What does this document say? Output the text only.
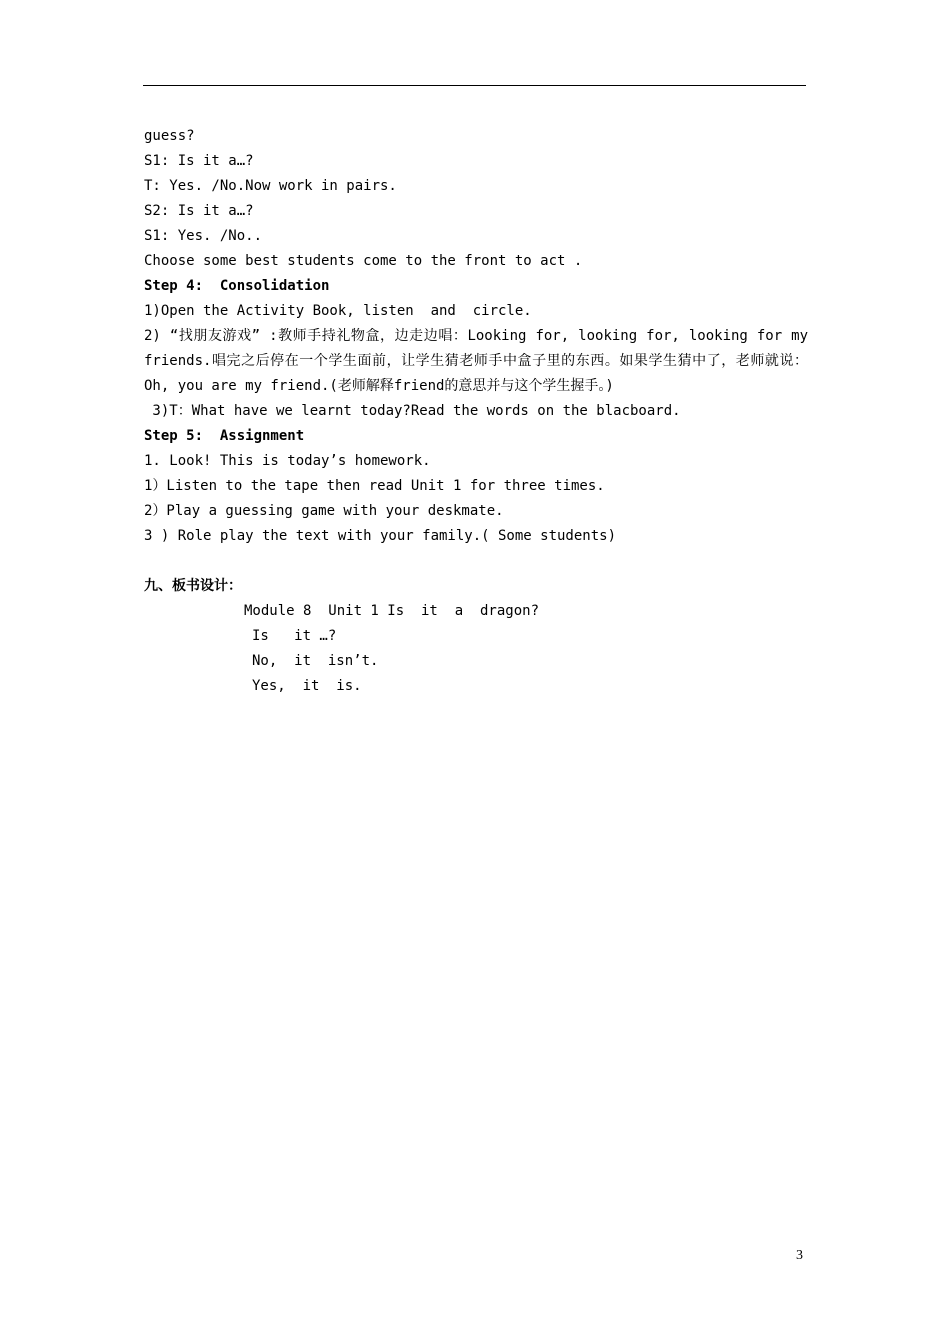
guess?
S1: Is it a…?
T: Yes. /No.Now work in pairs.
S2: Is it a…?
S1: Yes. /No..
Choose some best students come to the front to act .
Step 4:  Consolidation
1)Open the Activity Book, listen  and  circle.
2) “找朋友游戏” :教师手持礼物盒，边走边唱：Looking for, looking for, looking for my friends.唱完之后停在一个学生面前，让学生猜老师手中盒子里的东西。如果学生猜中了，老师就说：Oh, you are my friend.(老师解释friend的意思并与这个学生握手。)
3)T：What have we learnt today?Read the words on the blacboard.
Step 5:  Assignment
1. Look! This is today’s homework.
1）Listen to the tape then read Unit 1 for three times.
2）Play a guessing game with your deskmate.
3 ) Role play the text with your family.( Some students)
九、板书设计：
Module 8  Unit 1 Is  it  a  dragon?
Is   it …?
No,  it  isn’t.
Yes,  it  is.
3
